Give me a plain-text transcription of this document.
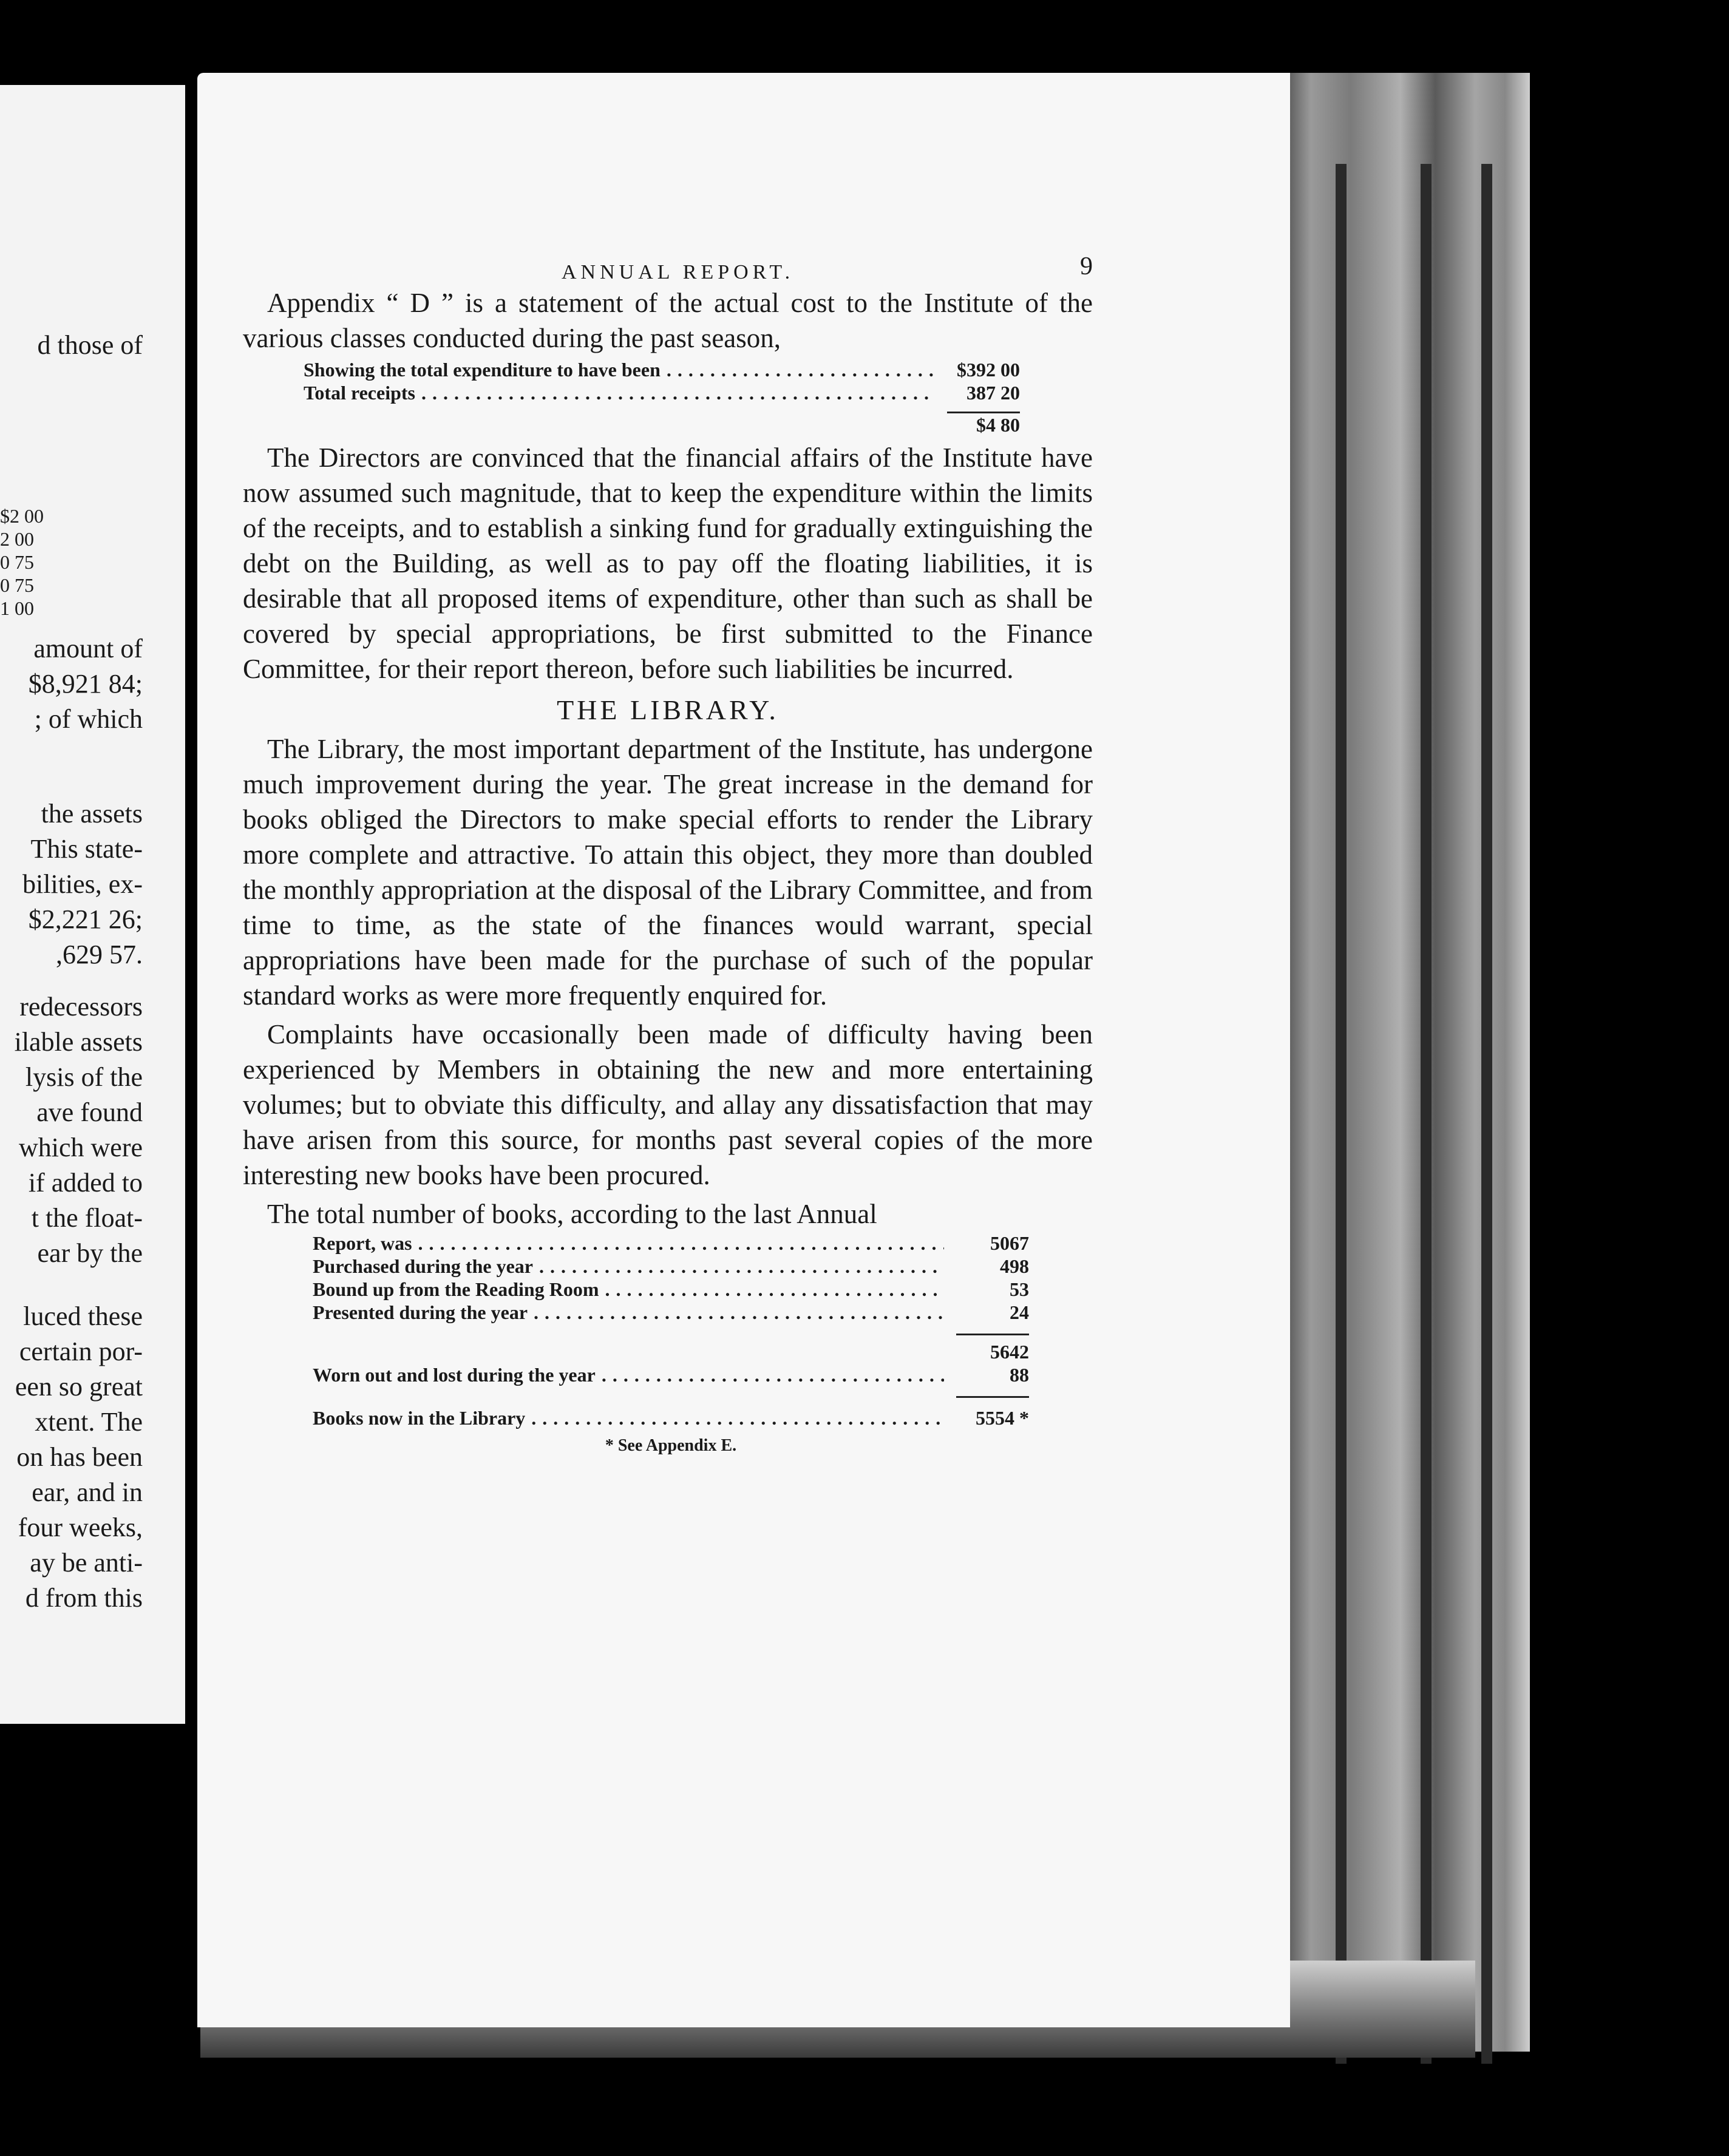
d those of
$2 00
2 00
0 75
0 75
1 00
amount of
$8,921 84;
; of which
the assets
This state-
bilities, ex-
$2,221 26;
,629 57.
redecessors
ilable assets
lysis of the
ave found
which were
if added to
t the float-
ear by the
luced these
certain por-
een so great
xtent. The
on has been
ear, and in
four weeks,
ay be anti-
d from this
ANNUAL REPORT.	9

Appendix “ D ” is a statement of the actual cost to the Institute of the various classes conducted during the past season,

Showing the total expenditure to have been . . .	$392 00
Total receipts . . .	387 20
$4 80

The Directors are convinced that the financial affairs of the Institute have now assumed such magnitude, that to keep the expenditure within the limits of the receipts, and to establish a sinking fund for gradually extinguishing the debt on the Building, as well as to pay off the floating liabilities, it is desirable that all proposed items of expenditure, other than such as shall be covered by special appropriations, be first submitted to the Finance Committee, for their report thereon, before such liabilities be incurred.

THE LIBRARY.

The Library, the most important department of the Institute, has undergone much improvement during the year. The great increase in the demand for books obliged the Directors to make special efforts to render the Library more complete and attractive. To attain this object, they more than doubled the monthly appropriation at the disposal of the Library Committee, and from time to time, as the state of the finances would warrant, special appropriations have been made for the purchase of such of the popular standard works as were more frequently enquired for.

Complaints have occasionally been made of difficulty having been experienced by Members in obtaining the new and more entertaining volumes; but to obviate this difficulty, and allay any dissatisfaction that may have arisen from this source, for months past several copies of the more interesting new books have been procured.

The total number of books, according to the last Annual

Report, was . . .	5067
Purchased during the year . . .	498
Bound up from the Reading Room . . .	53
Presented during the year . . .	24
5642
Worn out and lost during the year . . .	88
Books now in the Library . . .	5554 *
* See Appendix E.
